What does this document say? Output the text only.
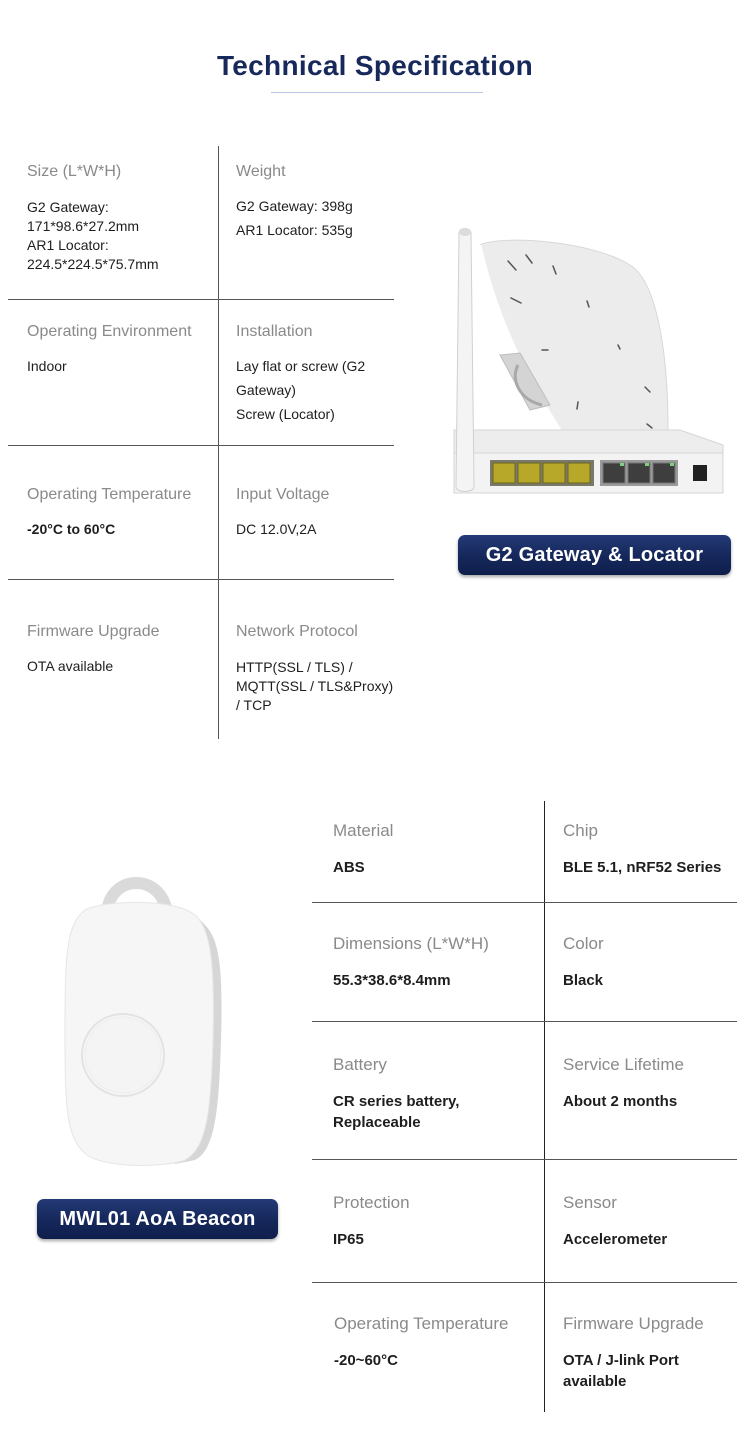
Technical Specification
Size (L*W*H)
G2 Gateway:
171*98.6*27.2mm
AR1 Locator:
224.5*224.5*75.7mm
Weight
G2 Gateway: 398g
AR1 Locator: 535g
Operating Environment
Indoor
Installation
Lay flat or screw (G2
Gateway)
Screw (Locator)
Operating Temperature
-20°C to 60°C
Input Voltage
DC 12.0V,2A
Firmware Upgrade
OTA available
Network Protocol
HTTP(SSL / TLS) /
MQTT(SSL / TLS&Proxy)
/ TCP
G2 Gateway & Locator
MWL01 AoA Beacon
Material
ABS
Chip
BLE 5.1, nRF52 Series
Dimensions (L*W*H)
55.3*38.6*8.4mm
Color
Black
Battery
CR series battery,
Replaceable
Service Lifetime
About 2 months
Protection
IP65
Sensor
Accelerometer
Operating Temperature
-20~60°C
Firmware Upgrade
OTA / J-link Port
available
